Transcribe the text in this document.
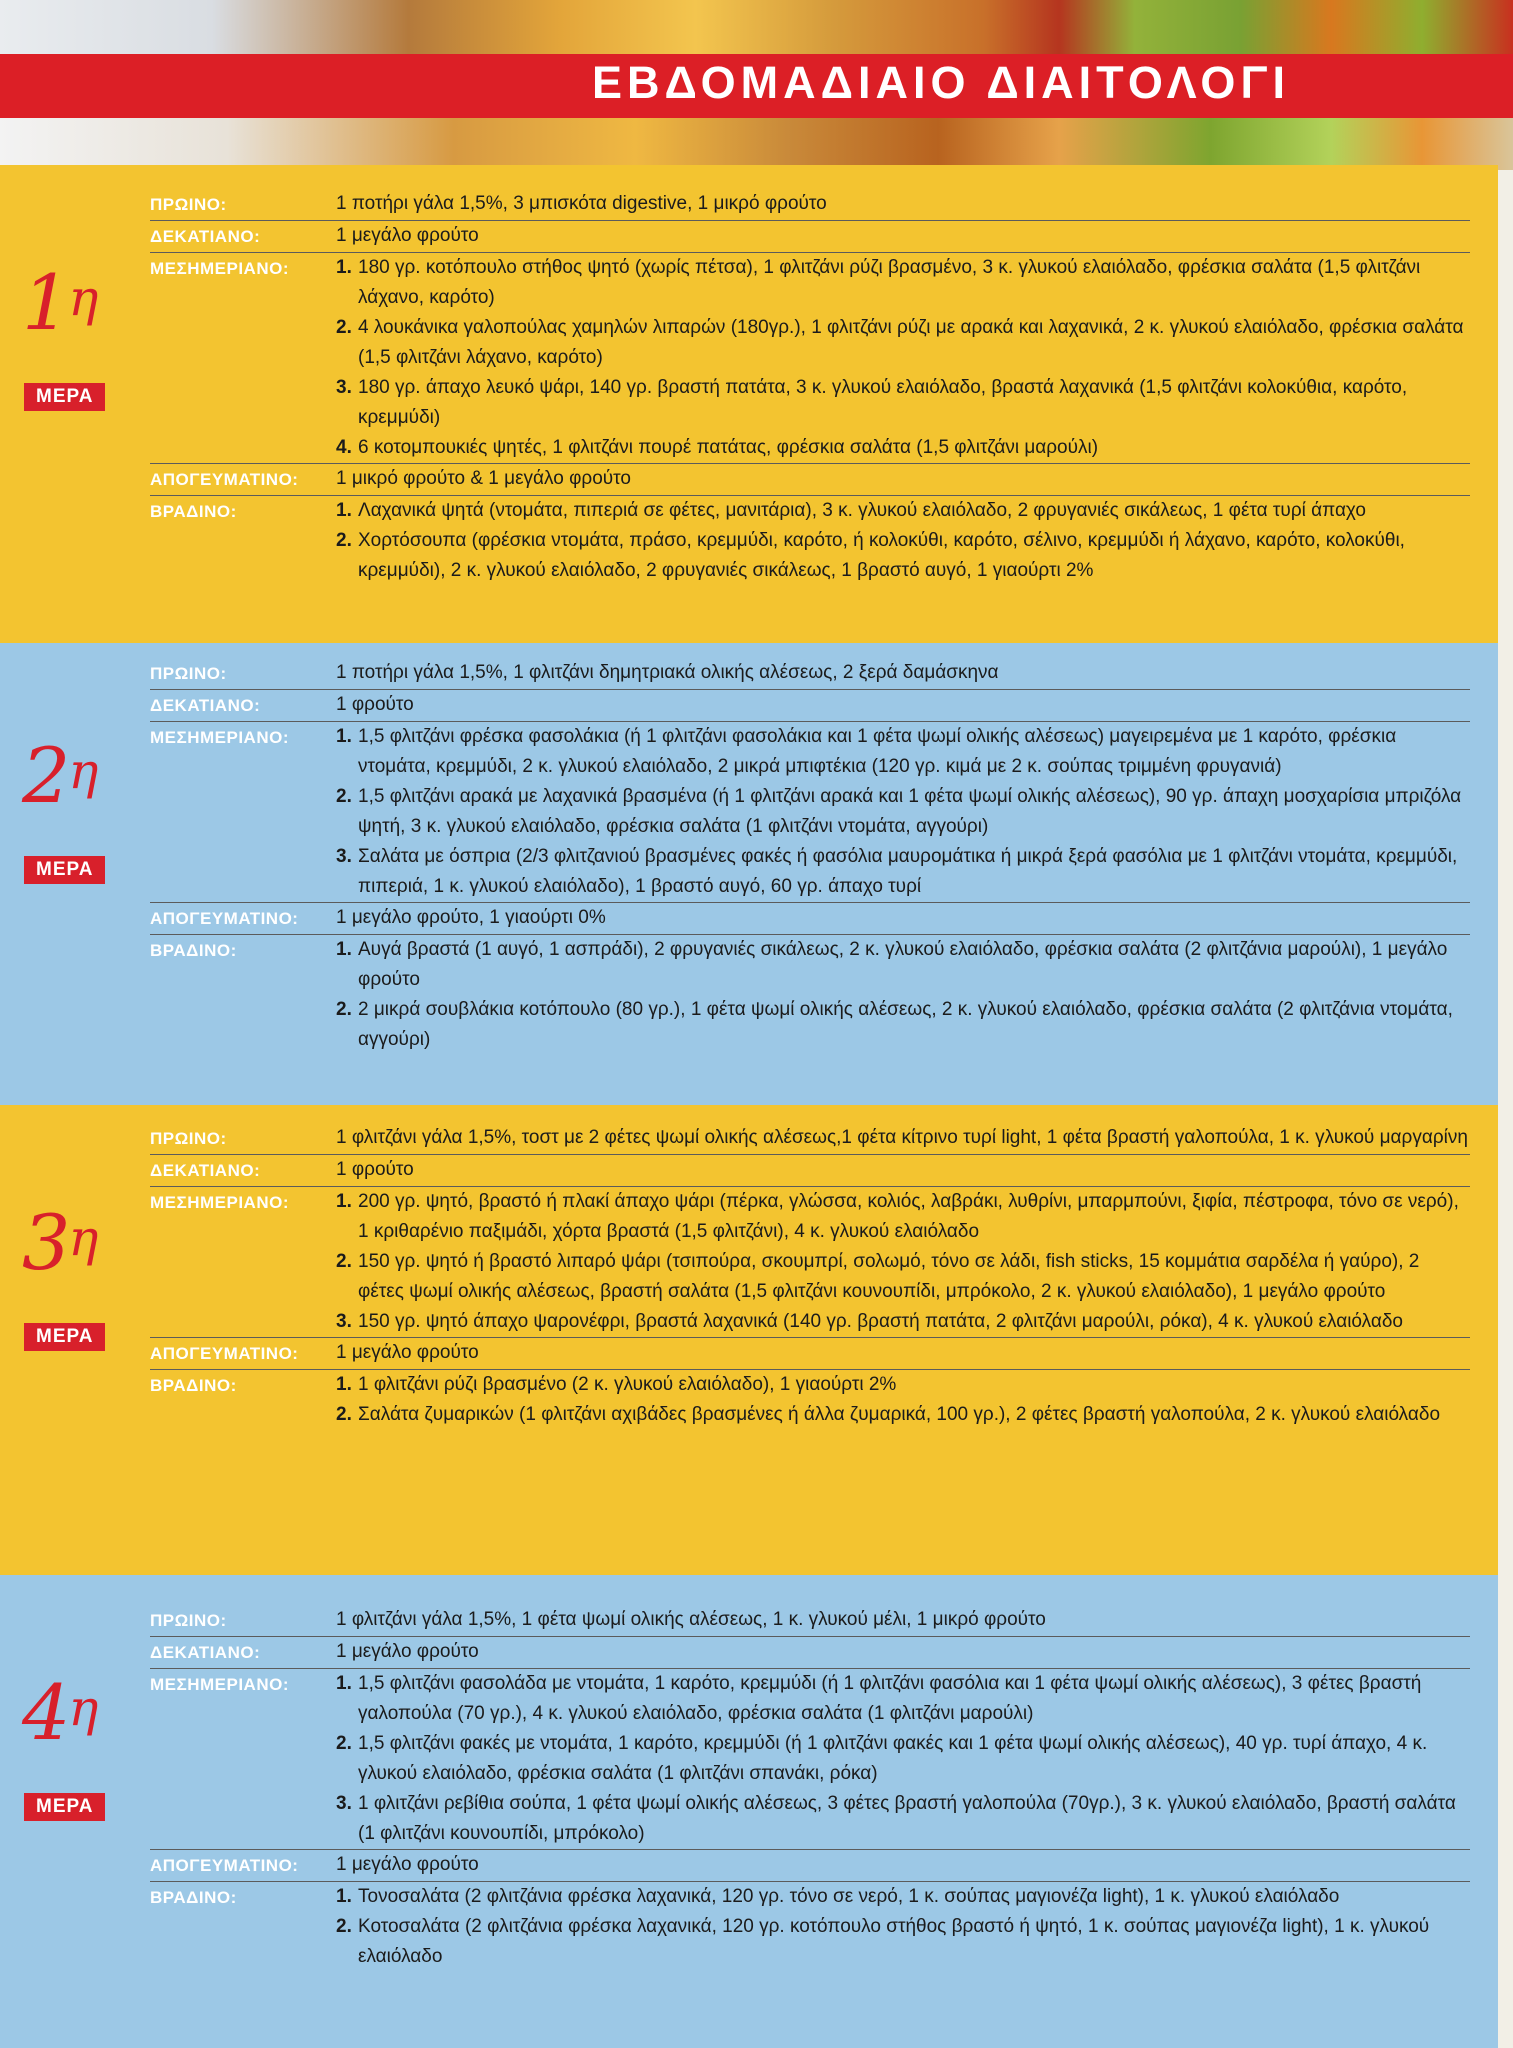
ΕΒΔΟΜΑΔΙΑΙΟ ΔΙΑΙΤΟΛΟΓΙ
$1^\eta$
ΜΕΡΑ
ΠΡΩΙΝΟ:	1 ποτήρι γάλα 1,5%, 3 μπισκότα digestive, 1 μικρό φρούτο
ΔΕΚΑΤΙΑΝΟ:	1 μεγάλο φρούτο
ΜΕΣΗΜΕΡΙΑΝΟ:	1. 180 γρ. κοτόπουλο στήθος ψητό (χωρίς πέτσα), 1 φλιτζάνι ρύζι βρασμένο, 3 κ. γλυκού ελαιόλαδο, φρέσκια σαλάτα (1,5 φλιτζάνι λάχανο, καρότο)
2. 4 λουκάνικα γαλοπούλας χαμηλών λιπαρών (180γρ.), 1 φλιτζάνι ρύζι με αρακά και λαχανικά, 2 κ. γλυκού ελαιόλαδο, φρέσκια σαλάτα (1,5 φλιτζάνι λάχανο, καρότο)
3. 180 γρ. άπαχο λευκό ψάρι, 140 γρ. βραστή πατάτα, 3 κ. γλυκού ελαιόλαδο, βραστά λαχανικά (1,5 φλιτζάνι κολοκύθια, καρότο, κρεμμύδι)
4. 6 κοτομπουκιές ψητές, 1 φλιτζάνι πουρέ πατάτας, φρέσκια σαλάτα (1,5 φλιτζάνι μαρούλι)
ΑΠΟΓΕΥΜΑΤΙΝΟ:	1 μικρό φρούτο & 1 μεγάλο φρούτο
ΒΡΑΔΙΝΟ:	1. Λαχανικά ψητά (ντομάτα, πιπεριά σε φέτες, μανιτάρια), 3 κ. γλυκού ελαιόλαδο, 2 φρυγανιές σικάλεως, 1 φέτα τυρί άπαχο
2. Χορτόσουπα (φρέσκια ντομάτα, πράσο, κρεμμύδι, καρότο, ή κολοκύθι, καρότο, σέλινο, κρεμμύδι ή λάχανο, καρότο, κολοκύθι, κρεμμύδι), 2 κ. γλυκού ελαιόλαδο, 2 φρυγανιές σικάλεως, 1 βραστό αυγό, 1 γιαούρτι 2%
$2^\eta$
ΜΕΡΑ
ΠΡΩΙΝΟ:	1 ποτήρι γάλα 1,5%, 1 φλιτζάνι δημητριακά ολικής αλέσεως, 2 ξερά δαμάσκηνα
ΔΕΚΑΤΙΑΝΟ:	1 φρούτο
ΜΕΣΗΜΕΡΙΑΝΟ:	1. 1,5 φλιτζάνι φρέσκα φασολάκια (ή 1 φλιτζάνι φασολάκια και 1 φέτα ψωμί ολικής αλέσεως) μαγειρεμένα με 1 καρότο, φρέσκια ντομάτα, κρεμμύδι, 2 κ. γλυκού ελαιόλαδο, 2 μικρά μπιφτέκια (120 γρ. κιμά με 2 κ. σούπας τριμμένη φρυγανιά)
2. 1,5 φλιτζάνι αρακά με λαχανικά βρασμένα (ή 1 φλιτζάνι αρακά και 1 φέτα ψωμί ολικής αλέσεως), 90 γρ. άπαχη μοσχαρίσια μπριζόλα ψητή, 3 κ. γλυκού ελαιόλαδο, φρέσκια σαλάτα (1 φλιτζάνι ντομάτα, αγγούρι)
3. Σαλάτα με όσπρια (2/3 φλιτζανιού βρασμένες φακές ή φασόλια μαυρομάτικα ή μικρά ξερά φασόλια με 1 φλιτζάνι ντομάτα, κρεμμύδι, πιπεριά, 1 κ. γλυκού ελαιόλαδο), 1 βραστό αυγό, 60 γρ. άπαχο τυρί
ΑΠΟΓΕΥΜΑΤΙΝΟ:	1 μεγάλο φρούτο, 1 γιαούρτι 0%
ΒΡΑΔΙΝΟ:	1. Αυγά βραστά (1 αυγό, 1 ασπράδι), 2 φρυγανιές σικάλεως, 2 κ. γλυκού ελαιόλαδο, φρέσκια σαλάτα (2 φλιτζάνια μαρούλι), 1 μεγάλο φρούτο
2. 2 μικρά σουβλάκια κοτόπουλο (80 γρ.), 1 φέτα ψωμί ολικής αλέσεως, 2 κ. γλυκού ελαιόλαδο, φρέσκια σαλάτα (2 φλιτζάνια ντομάτα, αγγούρι)
$3^\eta$
ΜΕΡΑ
ΠΡΩΙΝΟ:	1 φλιτζάνι γάλα 1,5%, τοστ με 2 φέτες ψωμί ολικής αλέσεως,1 φέτα κίτρινο τυρί light, 1 φέτα βραστή γαλοπούλα, 1 κ. γλυκού μαργαρίνη
ΔΕΚΑΤΙΑΝΟ:	1 φρούτο
ΜΕΣΗΜΕΡΙΑΝΟ:	1. 200 γρ. ψητό, βραστό ή πλακί άπαχο ψάρι (πέρκα, γλώσσα, κολιός, λαβράκι, λυθρίνι, μπαρμπούνι, ξιφία, πέστροφα, τόνο σε νερό), 1 κριθαρένιο παξιμάδι, χόρτα βραστά (1,5 φλιτζάνι), 4 κ. γλυκού ελαιόλαδο
2. 150 γρ. ψητό ή βραστό λιπαρό ψάρι (τσιπούρα, σκουμπρί, σολωμό, τόνο σε λάδι, fish sticks, 15 κομμάτια σαρδέλα ή γαύρο), 2 φέτες ψωμί ολικής αλέσεως, βραστή σαλάτα (1,5 φλιτζάνι κουνουπίδι, μπρόκολο, 2 κ. γλυκού ελαιόλαδο), 1 μεγάλο φρούτο
3. 150 γρ. ψητό άπαχο ψαρονέφρι, βραστά λαχανικά (140 γρ. βραστή πατάτα, 2 φλιτζάνι μαρούλι, ρόκα), 4 κ. γλυκού ελαιόλαδο
ΑΠΟΓΕΥΜΑΤΙΝΟ:	1 μεγάλο φρούτο
ΒΡΑΔΙΝΟ:	1. 1 φλιτζάνι ρύζι βρασμένο (2 κ. γλυκού ελαιόλαδο), 1 γιαούρτι 2%
2. Σαλάτα ζυμαρικών (1 φλιτζάνι αχιβάδες βρασμένες ή άλλα ζυμαρικά, 100 γρ.), 2 φέτες βραστή γαλοπούλα, 2 κ. γλυκού ελαιόλαδο
$4^\eta$
ΜΕΡΑ
ΠΡΩΙΝΟ:	1 φλιτζάνι γάλα 1,5%, 1 φέτα ψωμί ολικής αλέσεως, 1 κ. γλυκού μέλι, 1 μικρό φρούτο
ΔΕΚΑΤΙΑΝΟ:	1 μεγάλο φρούτο
ΜΕΣΗΜΕΡΙΑΝΟ:	1. 1,5 φλιτζάνι φασολάδα με ντομάτα, 1 καρότο, κρεμμύδι (ή 1 φλιτζάνι φασόλια και 1 φέτα ψωμί ολικής αλέσεως), 3 φέτες βραστή γαλοπούλα (70 γρ.), 4 κ. γλυκού ελαιόλαδο, φρέσκια σαλάτα (1 φλιτζάνι μαρούλι)
2. 1,5 φλιτζάνι φακές με ντομάτα, 1 καρότο, κρεμμύδι (ή 1 φλιτζάνι φακές και 1 φέτα ψωμί ολικής αλέσεως), 40 γρ. τυρί άπαχο, 4 κ. γλυκού ελαιόλαδο, φρέσκια σαλάτα (1 φλιτζάνι σπανάκι, ρόκα)
3. 1 φλιτζάνι ρεβίθια σούπα, 1 φέτα ψωμί ολικής αλέσεως, 3 φέτες βραστή γαλοπούλα (70γρ.), 3 κ. γλυκού ελαιόλαδο, βραστή σαλάτα (1 φλιτζάνι κουνουπίδι, μπρόκολο)
ΑΠΟΓΕΥΜΑΤΙΝΟ:	1 μεγάλο φρούτο
ΒΡΑΔΙΝΟ:	1. Τονοσαλάτα (2 φλιτζάνια φρέσκα λαχανικά, 120 γρ. τόνο σε νερό, 1 κ. σούπας μαγιονέζα light), 1 κ. γλυκού ελαιόλαδο
2. Κοτοσαλάτα (2 φλιτζάνια φρέσκα λαχανικά, 120 γρ. κοτόπουλο στήθος βραστό ή ψητό, 1 κ. σούπας μαγιονέζα light), 1 κ. γλυκού ελαιόλαδο
